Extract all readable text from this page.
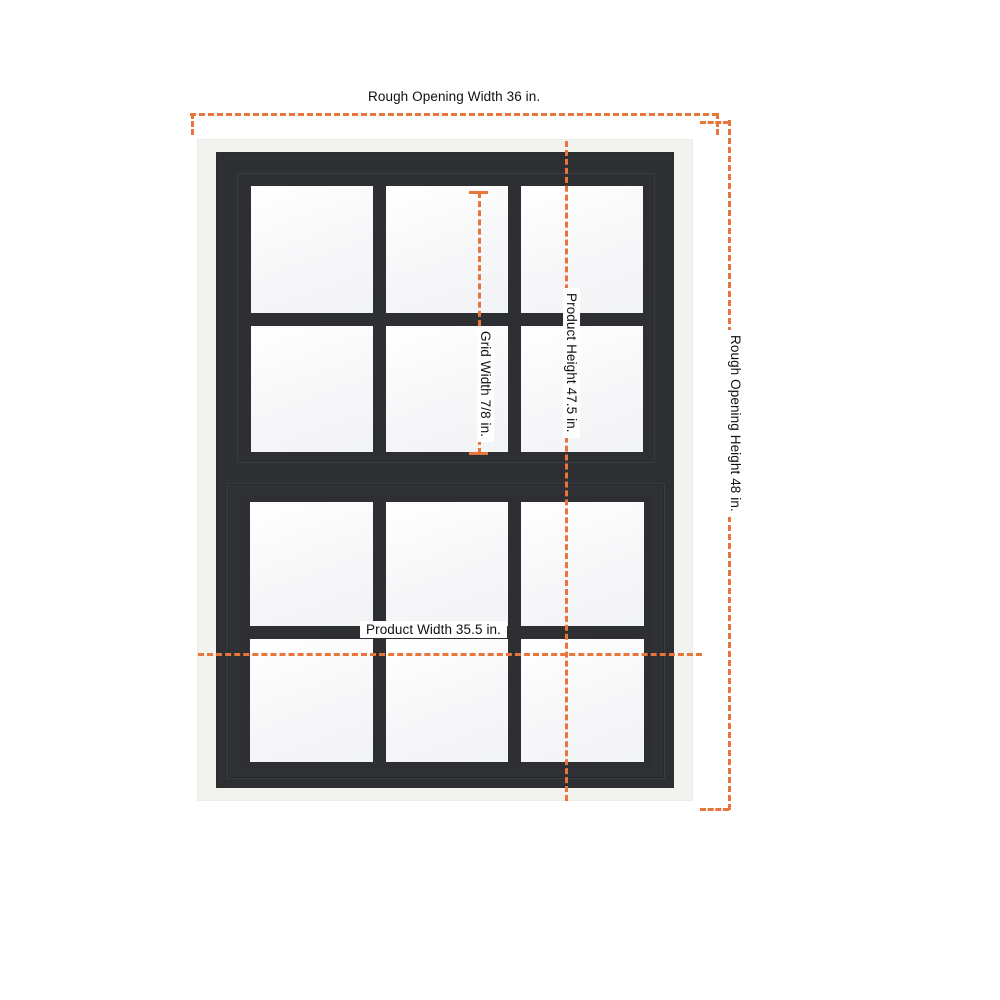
Rough Opening Width 36 in.
Rough Opening Height 48 in.
Product Width 35.5 in.
Product Height 47.5 in.
Grid Width 7/8 in.
